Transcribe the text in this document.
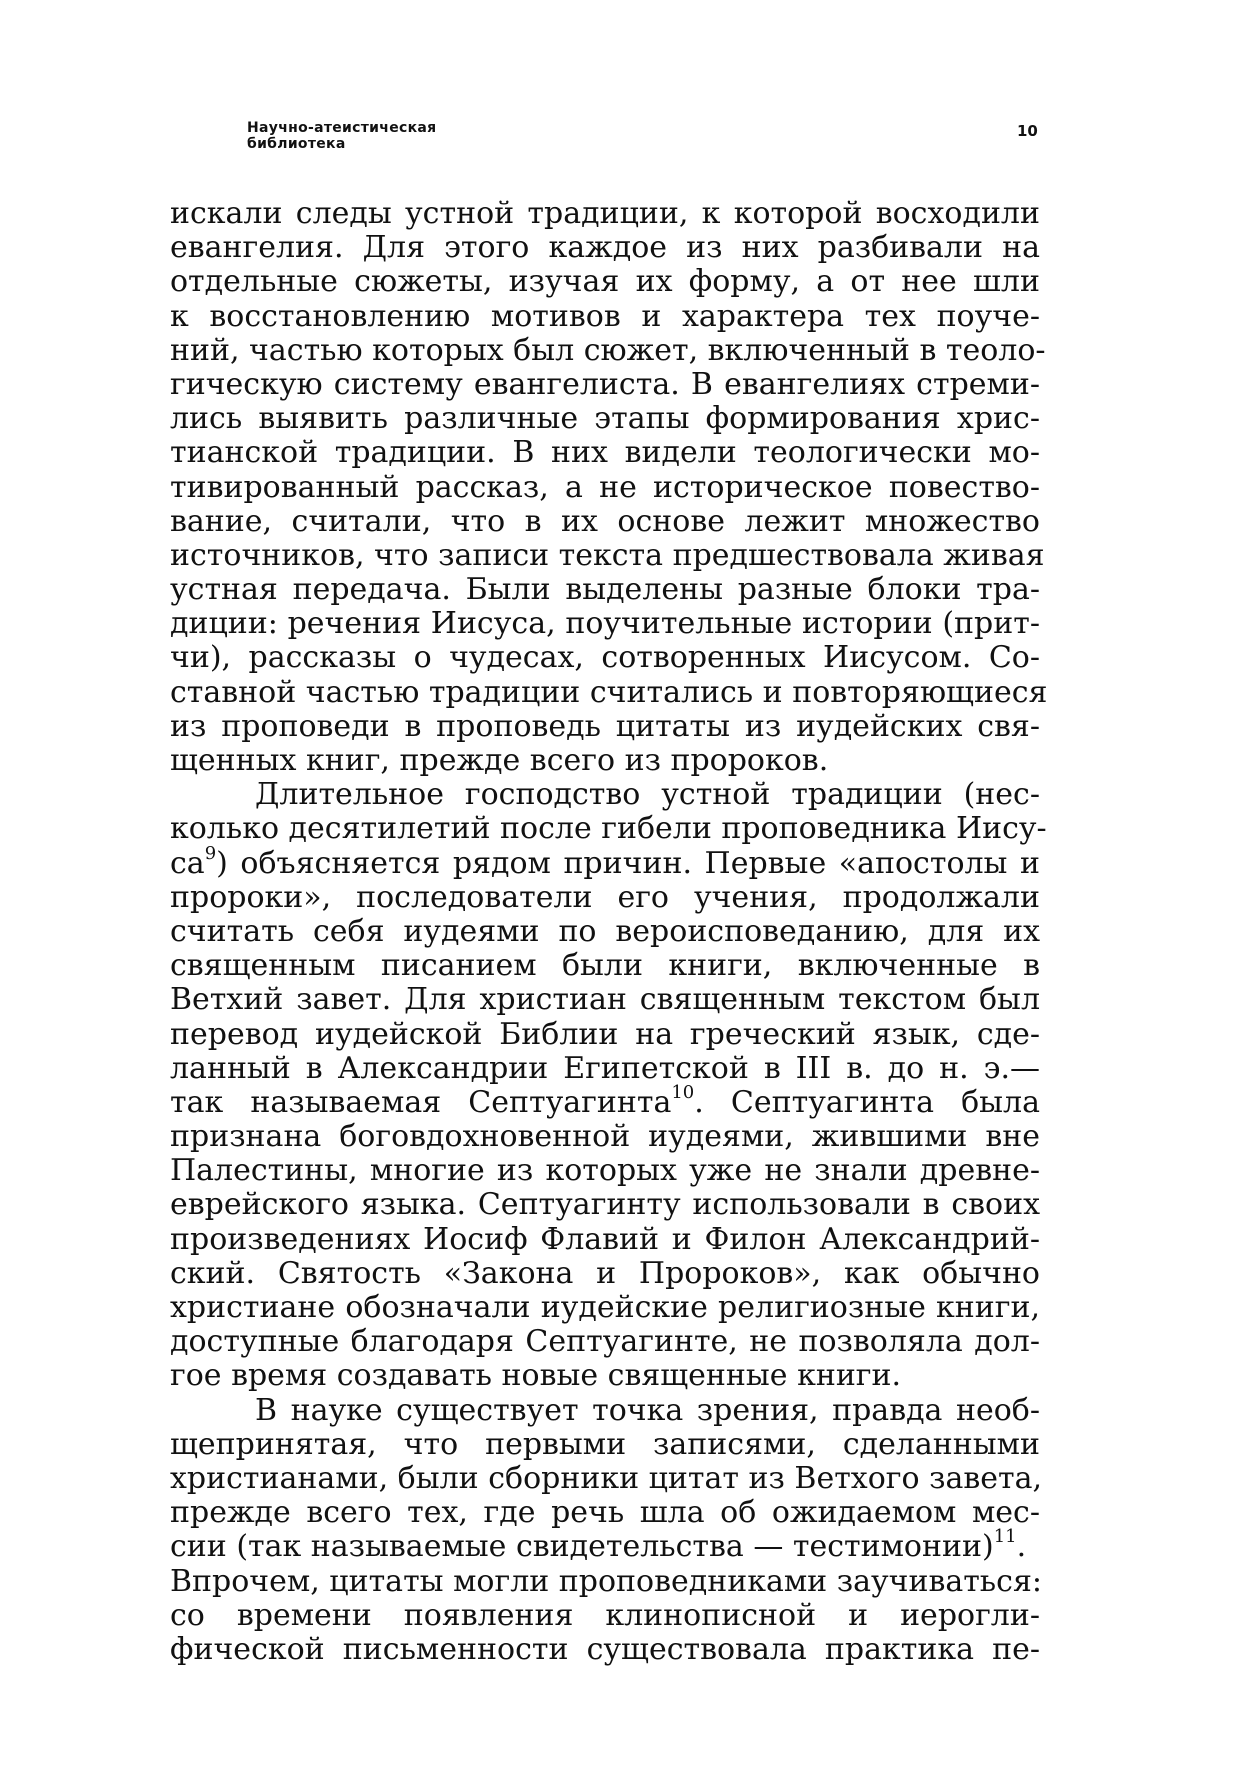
Научно-атеистическая
библиотека
10
искали следы устной традиции, к которой восходили
евангелия. Для этого каждое из них разбивали на
отдельные сюжеты, изучая их форму, а от нее шли
к восстановлению мотивов и характера тех поуче-
ний, частью которых был сюжет, включенный в теоло-
гическую систему евангелиста. В евангелиях стреми-
лись выявить различные этапы формирования хрис-
тианской традиции. В них видели теологически мо-
тивированный рассказ, а не историческое повество-
вание, считали, что в их основе лежит множество
источников, что записи текста предшествовала живая
устная передача. Были выделены разные блоки тра-
диции: речения Иисуса, поучительные истории (прит-
чи), рассказы о чудесах, сотворенных Иисусом. Со-
ставной частью традиции считались и повторяющиеся
из проповеди в проповедь цитаты из иудейских свя-
щенных книг, прежде всего из пророков.
Длительное господство устной традиции (нес-
колько десятилетий после гибели проповедника Иису-
$са^9$) объясняется рядом причин. Первые «апостолы и
пророки», последователи его учения, продолжали
считать себя иудеями по вероисповеданию, для их
священным писанием были книги, включенные в
Ветхий завет. Для христиан священным текстом был
перевод иудейской Библии на греческий язык, сде-
ланный в Александрии Египетской в III в. до н. э.—
так называемая Септуагинта$^{10}$. Септуагинта была
признана боговдохновенной иудеями, жившими вне
Палестины, многие из которых уже не знали древне-
еврейского языка. Септуагинту использовали в своих
произведениях Иосиф Флавий и Филон Александрий-
ский. Святость «Закона и Пророков», как обычно
христиане обозначали иудейские религиозные книги,
доступные благодаря Септуагинте, не позволяла дол-
гое время создавать новые священные книги.
В науке существует точка зрения, правда необ-
щепринятая, что первыми записями, сделанными
христианами, были сборники цитат из Ветхого завета,
прежде всего тех, где речь шла об ожидаемом мес-
сии (так называемые свидетельства — тестимонии)$^{11}$.
Впрочем, цитаты могли проповедниками заучиваться:
со времени появления клинописной и иерогли-
фической письменности существовала практика пе-
